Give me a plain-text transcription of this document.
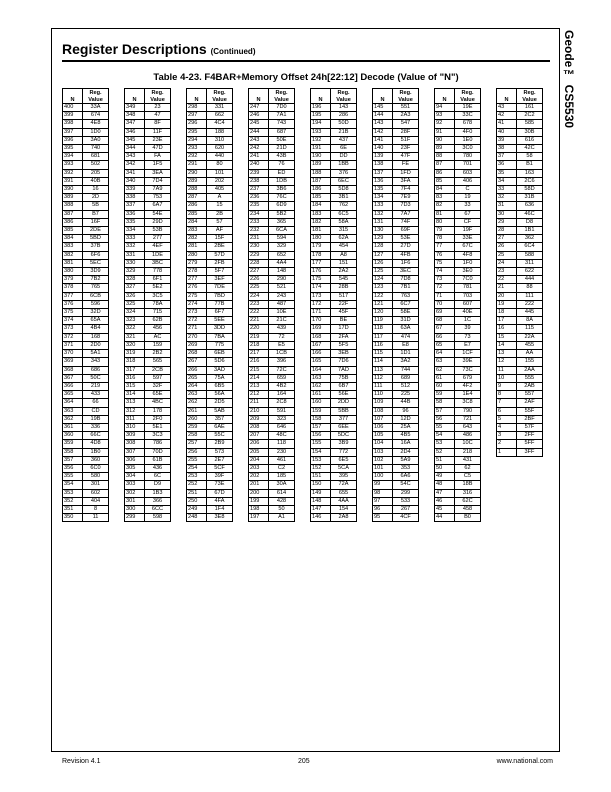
Geode™ CS5530
Register Descriptions (Continued)
Table 4-23. F4BAR+Memory Offset 24h[22:12] Decode (Value of "N")
N	Reg.
Value

400	33A
399	674
398	4E8
397	1D0
396	3A0
395	740
394	681
393	502
392	205
391	40B
390	16
389	2D
388	5B
387	B7
386	16F
385	2DE
384	5BD
383	37B
382	6F6
381	5EC
380	3D9
379	7B2
378	765
377	6CB
376	596
375	32D
374	65A
373	4B4
372	168
371	2D0
370	5A1
369	343
368	686
367	50C
366	219
365	433
364	66
363	CD
362	19B
361	336
360	66C
359	4D8
358	1B0
357	360
356	6C0
355	580
354	301
353	602
352	404
351	8
350	11
N	Reg.
Value

349	23
348	47
347	8F
346	11F
345	23E
344	47D
343	FA
342	1F5
341	3EA
340	7D4
339	7A9
338	753
337	6A7
336	54E
335	29D
334	53B
333	277
332	4EF
331	1DE
330	3BC
329	778
328	6F1
327	5E2
326	3C5
325	78A
324	715
323	62B
322	456
321	AC
320	159
319	2B2
318	565
317	2CB
316	597
315	32F
314	65E
313	4BC
312	178
311	2F0
310	5E1
309	3C3
308	786
307	70D
306	61B
305	436
304	6C
303	D9
302	1B3
301	366
300	6CC
299	598
N	Reg.
Value

298	331
297	662
296	4C4
295	188
294	310
293	620
292	440
291	80
290	101
289	202
288	405
287	A
286	15
285	2B
284	57
283	AF
282	15F
281	2BE
280	57D
279	2FB
278	5F7
277	3EF
276	7DE
275	7BD
274	77B
273	6F7
272	5EE
271	3DD
270	7BA
269	775
268	6EB
267	5D6
266	3AD
265	75A
264	6B5
263	56A
262	2D5
261	5AB
260	357
259	6AE
258	55C
257	2B9
256	573
255	2E7
254	5CF
253	39F
252	73E
251	67D
250	4FA
249	1F4
248	3E8
N	Reg.
Value

247	7D0
246	7A1
245	743
244	687
243	50E
242	21D
241	43B
240	76
239	ED
238	1DB
237	3B6
236	76C
235	6D9
234	5B2
233	365
232	6CA
231	594
230	329
229	652
228	4A4
227	148
226	290
225	521
224	243
223	487
222	10E
221	21C
220	439
219	72
218	E5
217	1CB
216	396
215	72C
214	659
213	4B2
212	164
211	2C8
210	591
209	323
208	646
207	48C
206	118
205	230
204	461
203	C2
202	185
201	30A
200	614
199	428
198	50
197	A1
N	Reg.
Value

196	143
195	286
194	50D
193	21B
192	437
191	6E
190	DD
189	1BB
188	376
187	6EC
186	5D8
185	3B1
184	762
183	6C5
182	58A
181	315
180	62A
179	454
178	A8
177	151
176	2A2
175	545
174	28B
173	517
172	22F
171	45F
170	BE
169	17D
168	2FA
167	5F5
166	3EB
165	7D6
164	7AD
163	75B
162	6B7
161	56E
160	2DD
159	5BB
158	377
157	6EE
156	5DC
155	3B9
154	772
153	6E5
152	5CA
151	395
150	72A
149	655
148	4AA
147	154
146	2A8
N	Reg.
Value

145	551
144	2A3
143	547
142	28F
141	51F
140	23F
139	47F
138	FE
137	1FD
136	3FA
135	7F4
134	7E9
133	7D3
132	7A7
131	74F
130	69F
129	53E
128	27D
127	4FB
126	1F6
125	3EC
124	7D8
123	7B1
122	763
121	6C7
120	58E
119	31D
118	63A
117	474
116	E8
115	1D1
114	3A2
113	744
112	689
111	512
110	225
109	44B
108	96
107	12D
106	25A
105	4B5
104	16A
103	2D4
102	5A9
101	353
100	6A6
99	54C
98	299
97	533
96	267
95	4CF
N	Reg.
Value

94	19E
93	33C
92	678
91	4F0
90	1E0
89	3C0
88	780
87	701
86	603
85	406
84	C
83	19
82	33
81	67
80	CF
79	19F
78	33E
77	67C
76	4F8
75	1F0
74	3E0
73	7C0
72	781
71	703
70	607
69	40E
68	1C
67	39
66	73
65	E7
64	1CF
63	39E
62	73C
61	679
60	4F2
59	1E4
58	3C8
57	790
56	721
55	643
54	486
53	10C
52	218
51	431
50	62
49	C5
48	18B
47	316
46	62C
45	458
44	B0
N	Reg.
Value

43	161
42	2C2
41	585
40	30B
39	616
38	42C
37	58
36	B1
35	163
34	2C6
33	58D
32	31B
31	636
30	46C
29	D8
28	1B1
27	362
26	6C4
25	588
24	311
23	622
22	444
21	88
20	111
19	222
18	445
17	8A
16	115
15	22A
14	455
13	AA
12	155
11	2AA
10	555
9	2AB
8	557
7	2AF
6	55F
5	2BF
4	57F
3	2FF
2	5FF
1	3FF
Revision 4.1	205	www.national.com
